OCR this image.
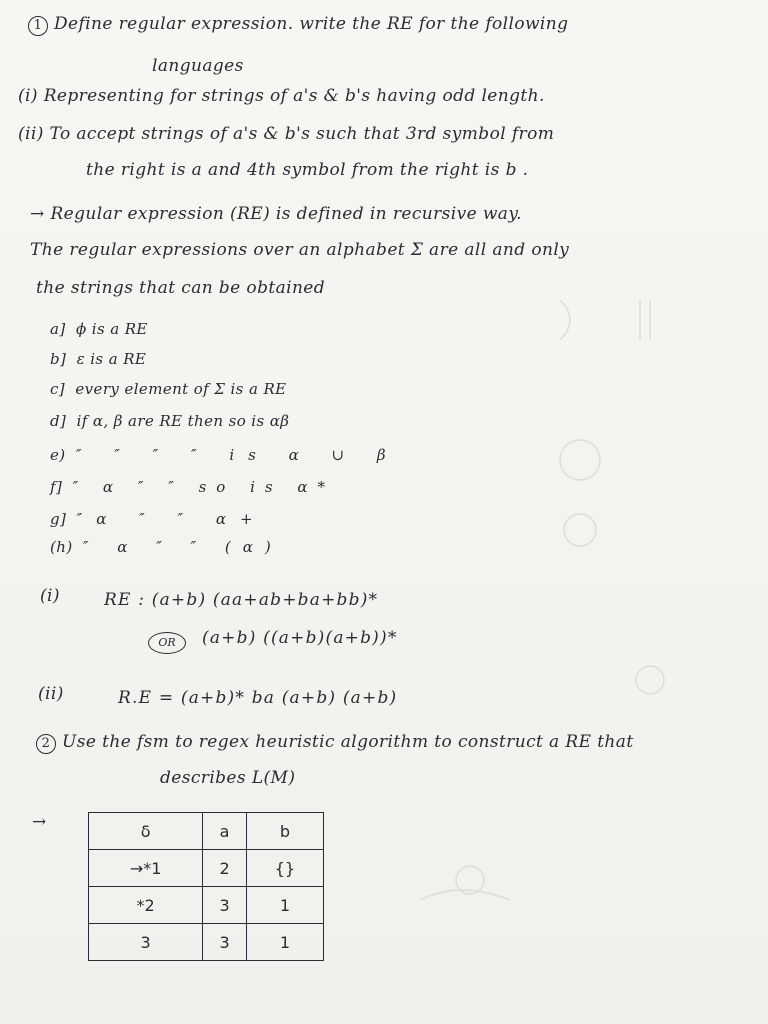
1 Define regular expression. write the RE for the following
languages
(i) Representing for strings of a's & b's having odd length.
(ii) To accept strings of a's & b's such that 3rd symbol from
the right is a and 4th symbol from the right is b .
→ Regular expression (RE) is defined in recursive way.
The regular expressions over an alphabet Σ are all and only
the strings that can be obtained
a] ϕ is a RE
b] ε is a RE
c] every element of Σ is a RE
d] if α, β are RE then so is αβ
e) ″ ″ ″ ″ is α ∪ β
f] ″ α ″ ″ so is α*
g] ″α ″ ″ α+
(h) ″ α ″ ″ (α)
(i)	RE : (a+b) (aa+ab+ba+bb)*
OR	(a+b) ((a+b)(a+b))*
(ii)	R.E = (a+b)* ba (a+b) (a+b)
2 Use the fsm to regex heuristic algorithm to construct a RE that
describes L(M)
→	δ	a	b
→*1	2	{}
*2	3	1
3	3	1
